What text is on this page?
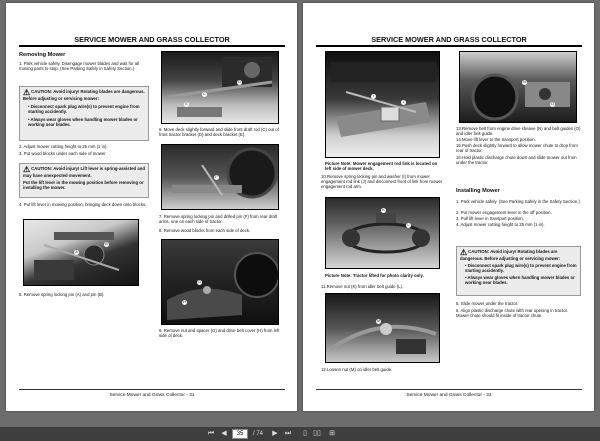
SERVICE MOWER AND GRASS COLLECTOR
Removing Mower
1. Park vehicle safely. Disengage mower blades and wait for all moving parts to stop. (See Parking Safely in Safety Section.)
⚠CAUTION: Avoid injury! Rotating blades are dangerous. Before adjusting or servicing mower:
• Disconnect spark plug wire(s) to prevent engine from starting accidently.
• Always wear gloves when handling mower blades or working near blades.
2. Adjust mower cutting height to 25 mm (1 in).
3. Put wood blocks under each side of mower.
⚠CAUTION: Avoid injury! Lift lever is spring-assisted and may have unexpected movement.
Put the lift lever in the mowing position before removing or installing the mower.
4. Put lift lever in mowing position, bringing deck down onto blocks.
A
B
5. Remove spring locking pin (A) and pin (B).
C
D
E
6. Move deck slightly forward and slide front draft rod (C) out of front tractor bracket (D) and deck bracket (E).
F
7. Remove spring locking pin and drilled pin (F) from rear draft arms, one on each side of tractor.
8. Remove wood blocks from each side of deck.
G
H
9. Remove nut and spacer (G) and drive belt cover (H) from left side of deck.
Service Mower and Grass Collector - 31
SERVICE MOWER AND GRASS COLLECTOR
I
J
Picture Note: Mower engagement rod link is located on left side of mower deck.
10.Remove spring locking pin and washer (I) from mower engagement rod link (J) and disconnect front of link from mower engagement rod arm.
K
L
Picture Note: Tractor lifted for photo clarity only.
11.Remove nut (K) from idler belt guide (L).
M
12.Loosen nut (M) on idler belt guide.
N
O
13.Remove belt from engine drive sheave (N) and belt guides (O) and idler belt guide.
14.Move lift lever to the transport position.
15.Push deck slightly forward to allow mower chute to drop from rear of tractor.
16.Hold plastic discharge chute down and slide mower out from under the tractor.
Installing Mower
1. Park vehicle safely. (See Parking Safely in the Safety Section.)
2. Put mower engagement lever in the off position.
3. Pull lift lever in transport position.
4. Adjust mower cutting height to 25 mm (1 in).
⚠CAUTION: Avoid injury! Rotating blades are dangerous. Before adjusting or servicing mower:
• Disconnect spark plug wire(s) to prevent engine from starting accidently.
• Always wear gloves when handling mower blades or working near blades.
5. Slide mower under the tractor.
6. Align plastic discharge chute with rear opening in tractor. Mower chute should fit inside of tractor chute.
Service Mower and Grass Collector - 32
⏮	◀
35	/ 74	▶	⏭	▯ ▯▯ ⊞
